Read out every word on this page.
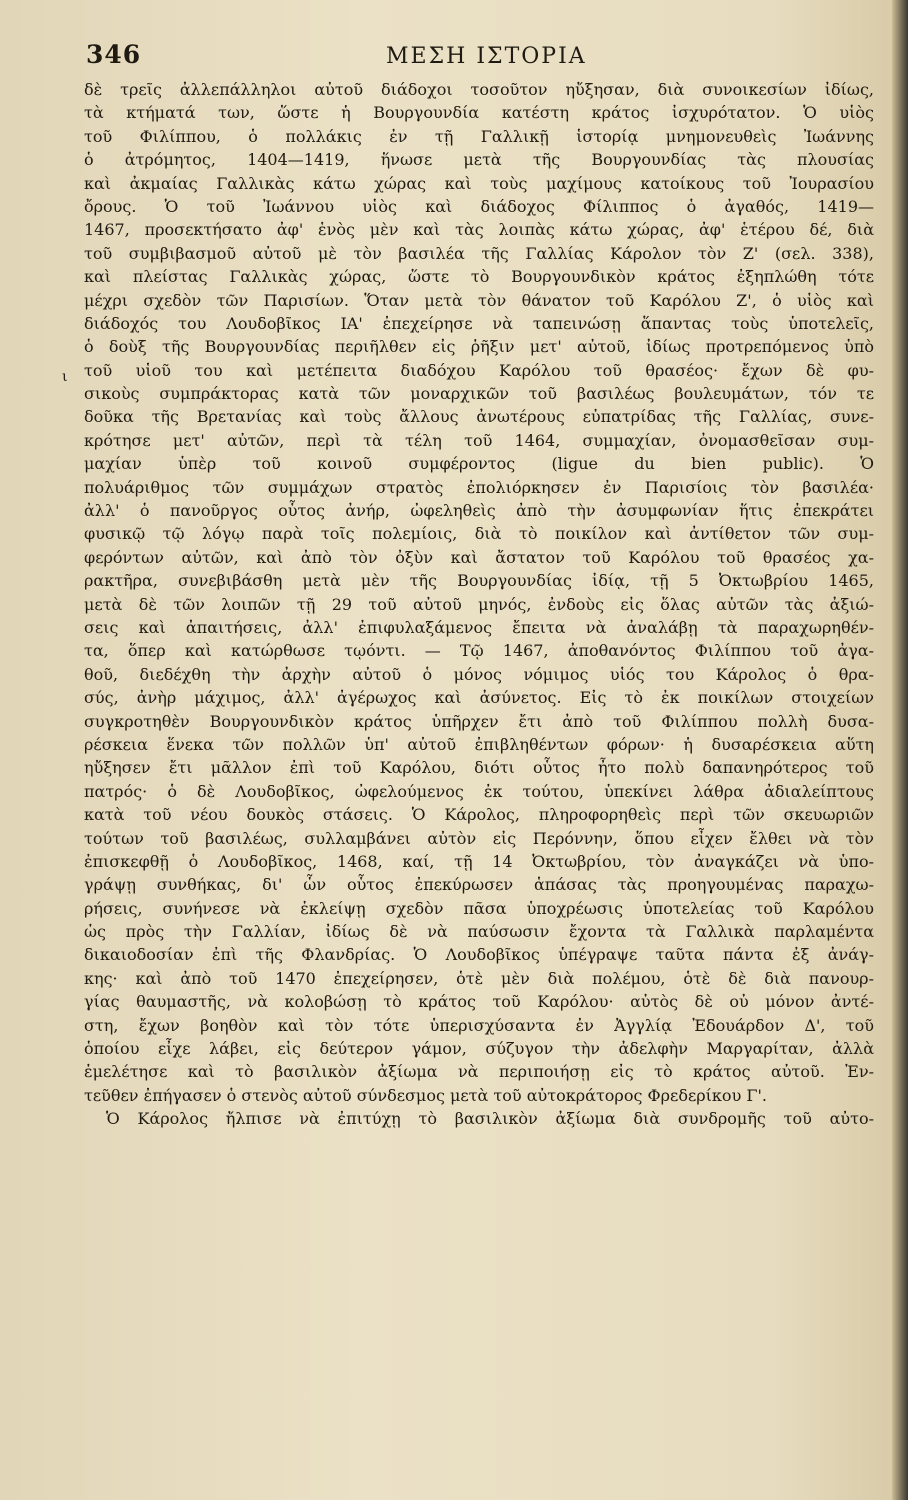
346	ΜΕΣΗ ΙΣΤΟΡΙΑ
ι
δὲ τρεῖς ἀλλεπάλληλοι αὐτοῦ διάδοχοι τοσοῦτον ηὔξησαν, διὰ συνοικεσίων ἰδίως,
τὰ κτήματά των, ὥστε ἡ Βουργουνδία κατέστη κράτος ἰσχυρότατον. Ὁ υἱὸς
τοῦ Φιλίππου, ὁ πολλάκις ἐν τῇ Γαλλικῇ ἱστορίᾳ μνημονευθεὶς Ἰωάννης
ὁ ἀτρόμητος, 1404—1419, ἥνωσε μετὰ τῆς Βουργουνδίας τὰς πλουσίας
καὶ ἀκμαίας Γαλλικὰς κάτω χώρας καὶ τοὺς μαχίμους κατοίκους τοῦ Ἰουρασίου
ὄρους. Ὁ τοῦ Ἰωάννου υἱὸς καὶ διάδοχος Φίλιππος ὁ ἀγαθός, 1419—
1467, προσεκτήσατο ἀφ' ἑνὸς μὲν καὶ τὰς λοιπὰς κάτω χώρας, ἀφ' ἑτέρου δέ, διὰ
τοῦ συμβιβασμοῦ αὐτοῦ μὲ τὸν βασιλέα τῆς Γαλλίας Κάρολον τὸν Ζ' (σελ. 338),
καὶ πλείστας Γαλλικὰς χώρας, ὥστε τὸ Βουργουνδικὸν κράτος ἐξηπλώθη τότε
μέχρι σχεδὸν τῶν Παρισίων. Ὅταν μετὰ τὸν θάνατον τοῦ Καρόλου Ζ', ὁ υἱὸς καὶ
διάδοχός του Λουδοβῖκος ΙΑ' ἐπεχείρησε νὰ ταπεινώσῃ ἅπαντας τοὺς ὑποτελεῖς,
ὁ δοὺξ τῆς Βουργουνδίας περιῆλθεν εἰς ῥῆξιν μετ' αὐτοῦ, ἰδίως προτρεπόμενος ὑπὸ
τοῦ υἱοῦ του καὶ μετέπειτα διαδόχου Καρόλου τοῦ θρασέος· ἔχων δὲ φυ-
σικοὺς συμπράκτορας κατὰ τῶν μοναρχικῶν τοῦ βασιλέως βουλευμάτων, τόν τε
δοῦκα τῆς Βρετανίας καὶ τοὺς ἄλλους ἀνωτέρους εὐπατρίδας τῆς Γαλλίας, συνε-
κρότησε μετ' αὐτῶν, περὶ τὰ τέλη τοῦ 1464, συμμαχίαν, ὀνομασθεῖσαν συμ-
μαχίαν ὑπὲρ τοῦ κοινοῦ συμφέροντος (ligue du bien public). Ὁ
πολυάριθμος τῶν συμμάχων στρατὸς ἐπολιόρκησεν ἐν Παρισίοις τὸν βασιλέα·
ἀλλ' ὁ πανοῦργος οὗτος ἀνήρ, ὠφεληθεὶς ἀπὸ τὴν ἀσυμφωνίαν ἥτις ἐπεκράτει
φυσικῷ τῷ λόγῳ παρὰ τοῖς πολεμίοις, διὰ τὸ ποικίλον καὶ ἀντίθετον τῶν συμ-
φερόντων αὐτῶν, καὶ ἀπὸ τὸν ὀξὺν καὶ ἄστατον τοῦ Καρόλου τοῦ θρασέος χα-
ρακτῆρα, συνεβιβάσθη μετὰ μὲν τῆς Βουργουνδίας ἰδίᾳ, τῇ 5 Ὀκτωβρίου 1465,
μετὰ δὲ τῶν λοιπῶν τῇ 29 τοῦ αὐτοῦ μηνός, ἐνδοὺς εἰς ὅλας αὐτῶν τὰς ἀξιώ-
σεις καὶ ἀπαιτήσεις, ἀλλ' ἐπιφυλαξάμενος ἔπειτα νὰ ἀναλάβῃ τὰ παραχωρηθέν-
τα, ὅπερ καὶ κατώρθωσε τῳόντι. — Τῷ 1467, ἀποθανόντος Φιλίππου τοῦ ἀγα-
θοῦ, διεδέχθη τὴν ἀρχὴν αὐτοῦ ὁ μόνος νόμιμος υἱός του Κάρολος ὁ θρα-
σύς, ἀνὴρ μάχιμος, ἀλλ' ἀγέρωχος καὶ ἀσύνετος. Εἰς τὸ ἐκ ποικίλων στοιχείων
συγκροτηθὲν Βουργουνδικὸν κράτος ὑπῆρχεν ἔτι ἀπὸ τοῦ Φιλίππου πολλὴ δυσα-
ρέσκεια ἕνεκα τῶν πολλῶν ὑπ' αὐτοῦ ἐπιβληθέντων φόρων· ἡ δυσαρέσκεια αὕτη
ηὔξησεν ἔτι μᾶλλον ἐπὶ τοῦ Καρόλου, διότι οὗτος ἦτο πολὺ δαπανηρότερος τοῦ
πατρός· ὁ δὲ Λουδοβῖκος, ὠφελούμενος ἐκ τούτου, ὑπεκίνει λάθρα ἀδιαλείπτους
κατὰ τοῦ νέου δουκὸς στάσεις. Ὁ Κάρολος, πληροφορηθεὶς περὶ τῶν σκευωριῶν
τούτων τοῦ βασιλέως, συλλαμβάνει αὐτὸν εἰς Περόννην, ὅπου εἶχεν ἔλθει νὰ τὸν
ἐπισκεφθῇ ὁ Λουδοβῖκος, 1468, καί, τῇ 14 Ὀκτωβρίου, τὸν ἀναγκάζει νὰ ὑπο-
γράψῃ συνθήκας, δι' ὧν οὗτος ἐπεκύρωσεν ἁπάσας τὰς προηγουμένας παραχω-
ρήσεις, συνήνεσε νὰ ἐκλείψῃ σχεδὸν πᾶσα ὑποχρέωσις ὑποτελείας τοῦ Καρόλου
ὡς πρὸς τὴν Γαλλίαν, ἰδίως δὲ νὰ παύσωσιν ἔχοντα τὰ Γαλλικὰ παρλαμέντα
δικαιοδοσίαν ἐπὶ τῆς Φλανδρίας. Ὁ Λουδοβῖκος ὑπέγραψε ταῦτα πάντα ἐξ ἀνάγ-
κης· καὶ ἀπὸ τοῦ 1470 ἐπεχείρησεν, ὁτὲ μὲν διὰ πολέμου, ὁτὲ δὲ διὰ πανουρ-
γίας θαυμαστῆς, νὰ κολοβώσῃ τὸ κράτος τοῦ Καρόλου· αὐτὸς δὲ οὐ μόνον ἀντέ-
στη, ἔχων βοηθὸν καὶ τὸν τότε ὑπερισχύσαντα ἐν Ἀγγλίᾳ Ἐδουάρδον Δ', τοῦ
ὁποίου εἶχε λάβει, εἰς δεύτερον γάμον, σύζυγον τὴν ἀδελφὴν Μαργαρίταν, ἀλλὰ
ἐμελέτησε καὶ τὸ βασιλικὸν ἀξίωμα νὰ περιποιήσῃ εἰς τὸ κράτος αὐτοῦ. Ἐν-
τεῦθεν ἐπήγασεν ὁ στενὸς αὐτοῦ σύνδεσμος μετὰ τοῦ αὐτοκράτορος Φρεδερίκου Γ'.
Ὁ Κάρολος ἤλπισε νὰ ἐπιτύχῃ τὸ βασιλικὸν ἀξίωμα διὰ συνδρομῆς τοῦ αὐτο-
